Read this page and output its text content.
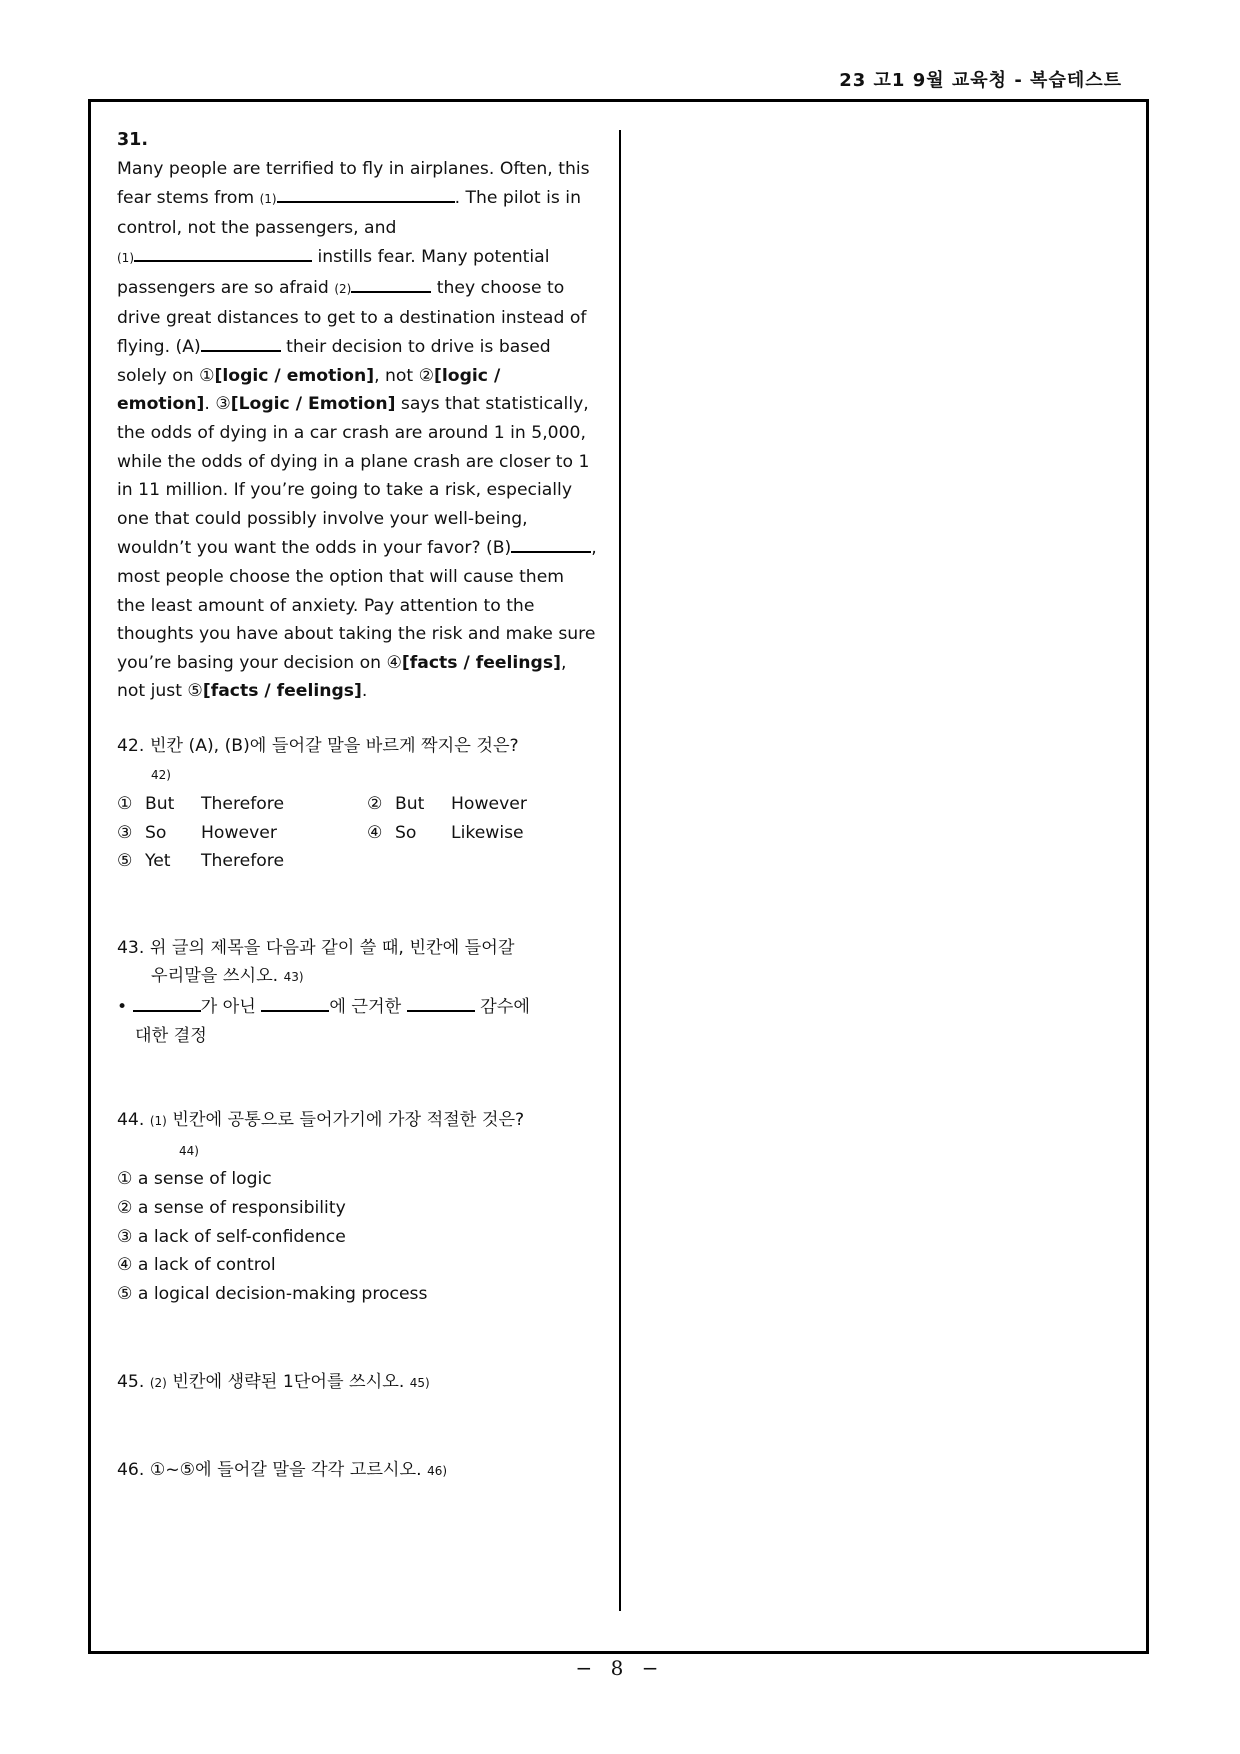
23 고1 9월 교육청 - 복습테스트
31.

Many people are terrified to fly in airplanes. Often, this fear stems from (1)	. The pilot is in control, not the passengers, and
(1)	instills fear. Many potential passengers are so afraid (2)	they choose to drive great distances to get to a destination instead of flying. (A)	their decision to drive is based solely on ①[logic / emotion], not ②[logic / emotion]. ③[Logic / Emotion] says that statistically, the odds of dying in a car crash are around 1 in 5,000, while the odds of dying in a plane crash are closer to 1 in 11 million. If you’re going to take a risk, especially one that could possibly involve your well-being, wouldn’t you want the odds in your favor? (B)	, most people choose the option that will cause them the least amount of anxiety. Pay attention to the thoughts you have about taking the risk and make sure you’re basing your decision on ④[facts / feelings], not just ⑤[facts / feelings].

42. 빈칸 (A), (B)에 들어갈 말을 바르게 짝지은 것은?
42)
① But	Therefore	② But	However
③ So	However	④ So	Likewise
⑤ Yet	Therefore
43. 위 글의 제목을 다음과 같이 쓸 때, 빈칸에 들어갈
우리말을 쓰시오. 43)
•	가 아닌	에 근거한	감수에
대한 결정
44. (1) 빈칸에 공통으로 들어가기에 가장 적절한 것은?
44)
① a sense of logic
② a sense of responsibility
③ a lack of self-confidence
④ a lack of control
⑤ a logical decision-making process
45. (2) 빈칸에 생략된 1단어를 쓰시오. 45)
46. ①~⑤에 들어갈 말을 각각 고르시오. 46)
− 8 −
